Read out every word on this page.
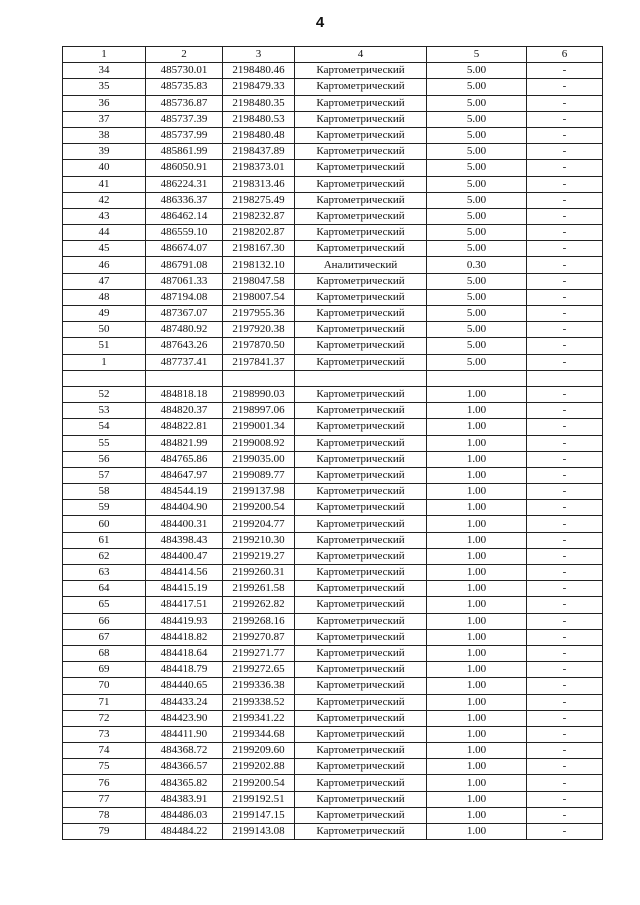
4
1	2	3	4	5	6
34	485730.01	2198480.46	Картометрический	5.00	-
35	485735.83	2198479.33	Картометрический	5.00	-
36	485736.87	2198480.35	Картометрический	5.00	-
37	485737.39	2198480.53	Картометрический	5.00	-
38	485737.99	2198480.48	Картометрический	5.00	-
39	485861.99	2198437.89	Картометрический	5.00	-
40	486050.91	2198373.01	Картометрический	5.00	-
41	486224.31	2198313.46	Картометрический	5.00	-
42	486336.37	2198275.49	Картометрический	5.00	-
43	486462.14	2198232.87	Картометрический	5.00	-
44	486559.10	2198202.87	Картометрический	5.00	-
45	486674.07	2198167.30	Картометрический	5.00	-
46	486791.08	2198132.10	Аналитический	0.30	-
47	487061.33	2198047.58	Картометрический	5.00	-
48	487194.08	2198007.54	Картометрический	5.00	-
49	487367.07	2197955.36	Картометрический	5.00	-
50	487480.92	2197920.38	Картометрический	5.00	-
51	487643.26	2197870.50	Картометрический	5.00	-
1	487737.41	2197841.37	Картометрический	5.00	-

52	484818.18	2198990.03	Картометрический	1.00	-
53	484820.37	2198997.06	Картометрический	1.00	-
54	484822.81	2199001.34	Картометрический	1.00	-
55	484821.99	2199008.92	Картометрический	1.00	-
56	484765.86	2199035.00	Картометрический	1.00	-
57	484647.97	2199089.77	Картометрический	1.00	-
58	484544.19	2199137.98	Картометрический	1.00	-
59	484404.90	2199200.54	Картометрический	1.00	-
60	484400.31	2199204.77	Картометрический	1.00	-
61	484398.43	2199210.30	Картометрический	1.00	-
62	484400.47	2199219.27	Картометрический	1.00	-
63	484414.56	2199260.31	Картометрический	1.00	-
64	484415.19	2199261.58	Картометрический	1.00	-
65	484417.51	2199262.82	Картометрический	1.00	-
66	484419.93	2199268.16	Картометрический	1.00	-
67	484418.82	2199270.87	Картометрический	1.00	-
68	484418.64	2199271.77	Картометрический	1.00	-
69	484418.79	2199272.65	Картометрический	1.00	-
70	484440.65	2199336.38	Картометрический	1.00	-
71	484433.24	2199338.52	Картометрический	1.00	-
72	484423.90	2199341.22	Картометрический	1.00	-
73	484411.90	2199344.68	Картометрический	1.00	-
74	484368.72	2199209.60	Картометрический	1.00	-
75	484366.57	2199202.88	Картометрический	1.00	-
76	484365.82	2199200.54	Картометрический	1.00	-
77	484383.91	2199192.51	Картометрический	1.00	-
78	484486.03	2199147.15	Картометрический	1.00	-
79	484484.22	2199143.08	Картометрический	1.00	-
